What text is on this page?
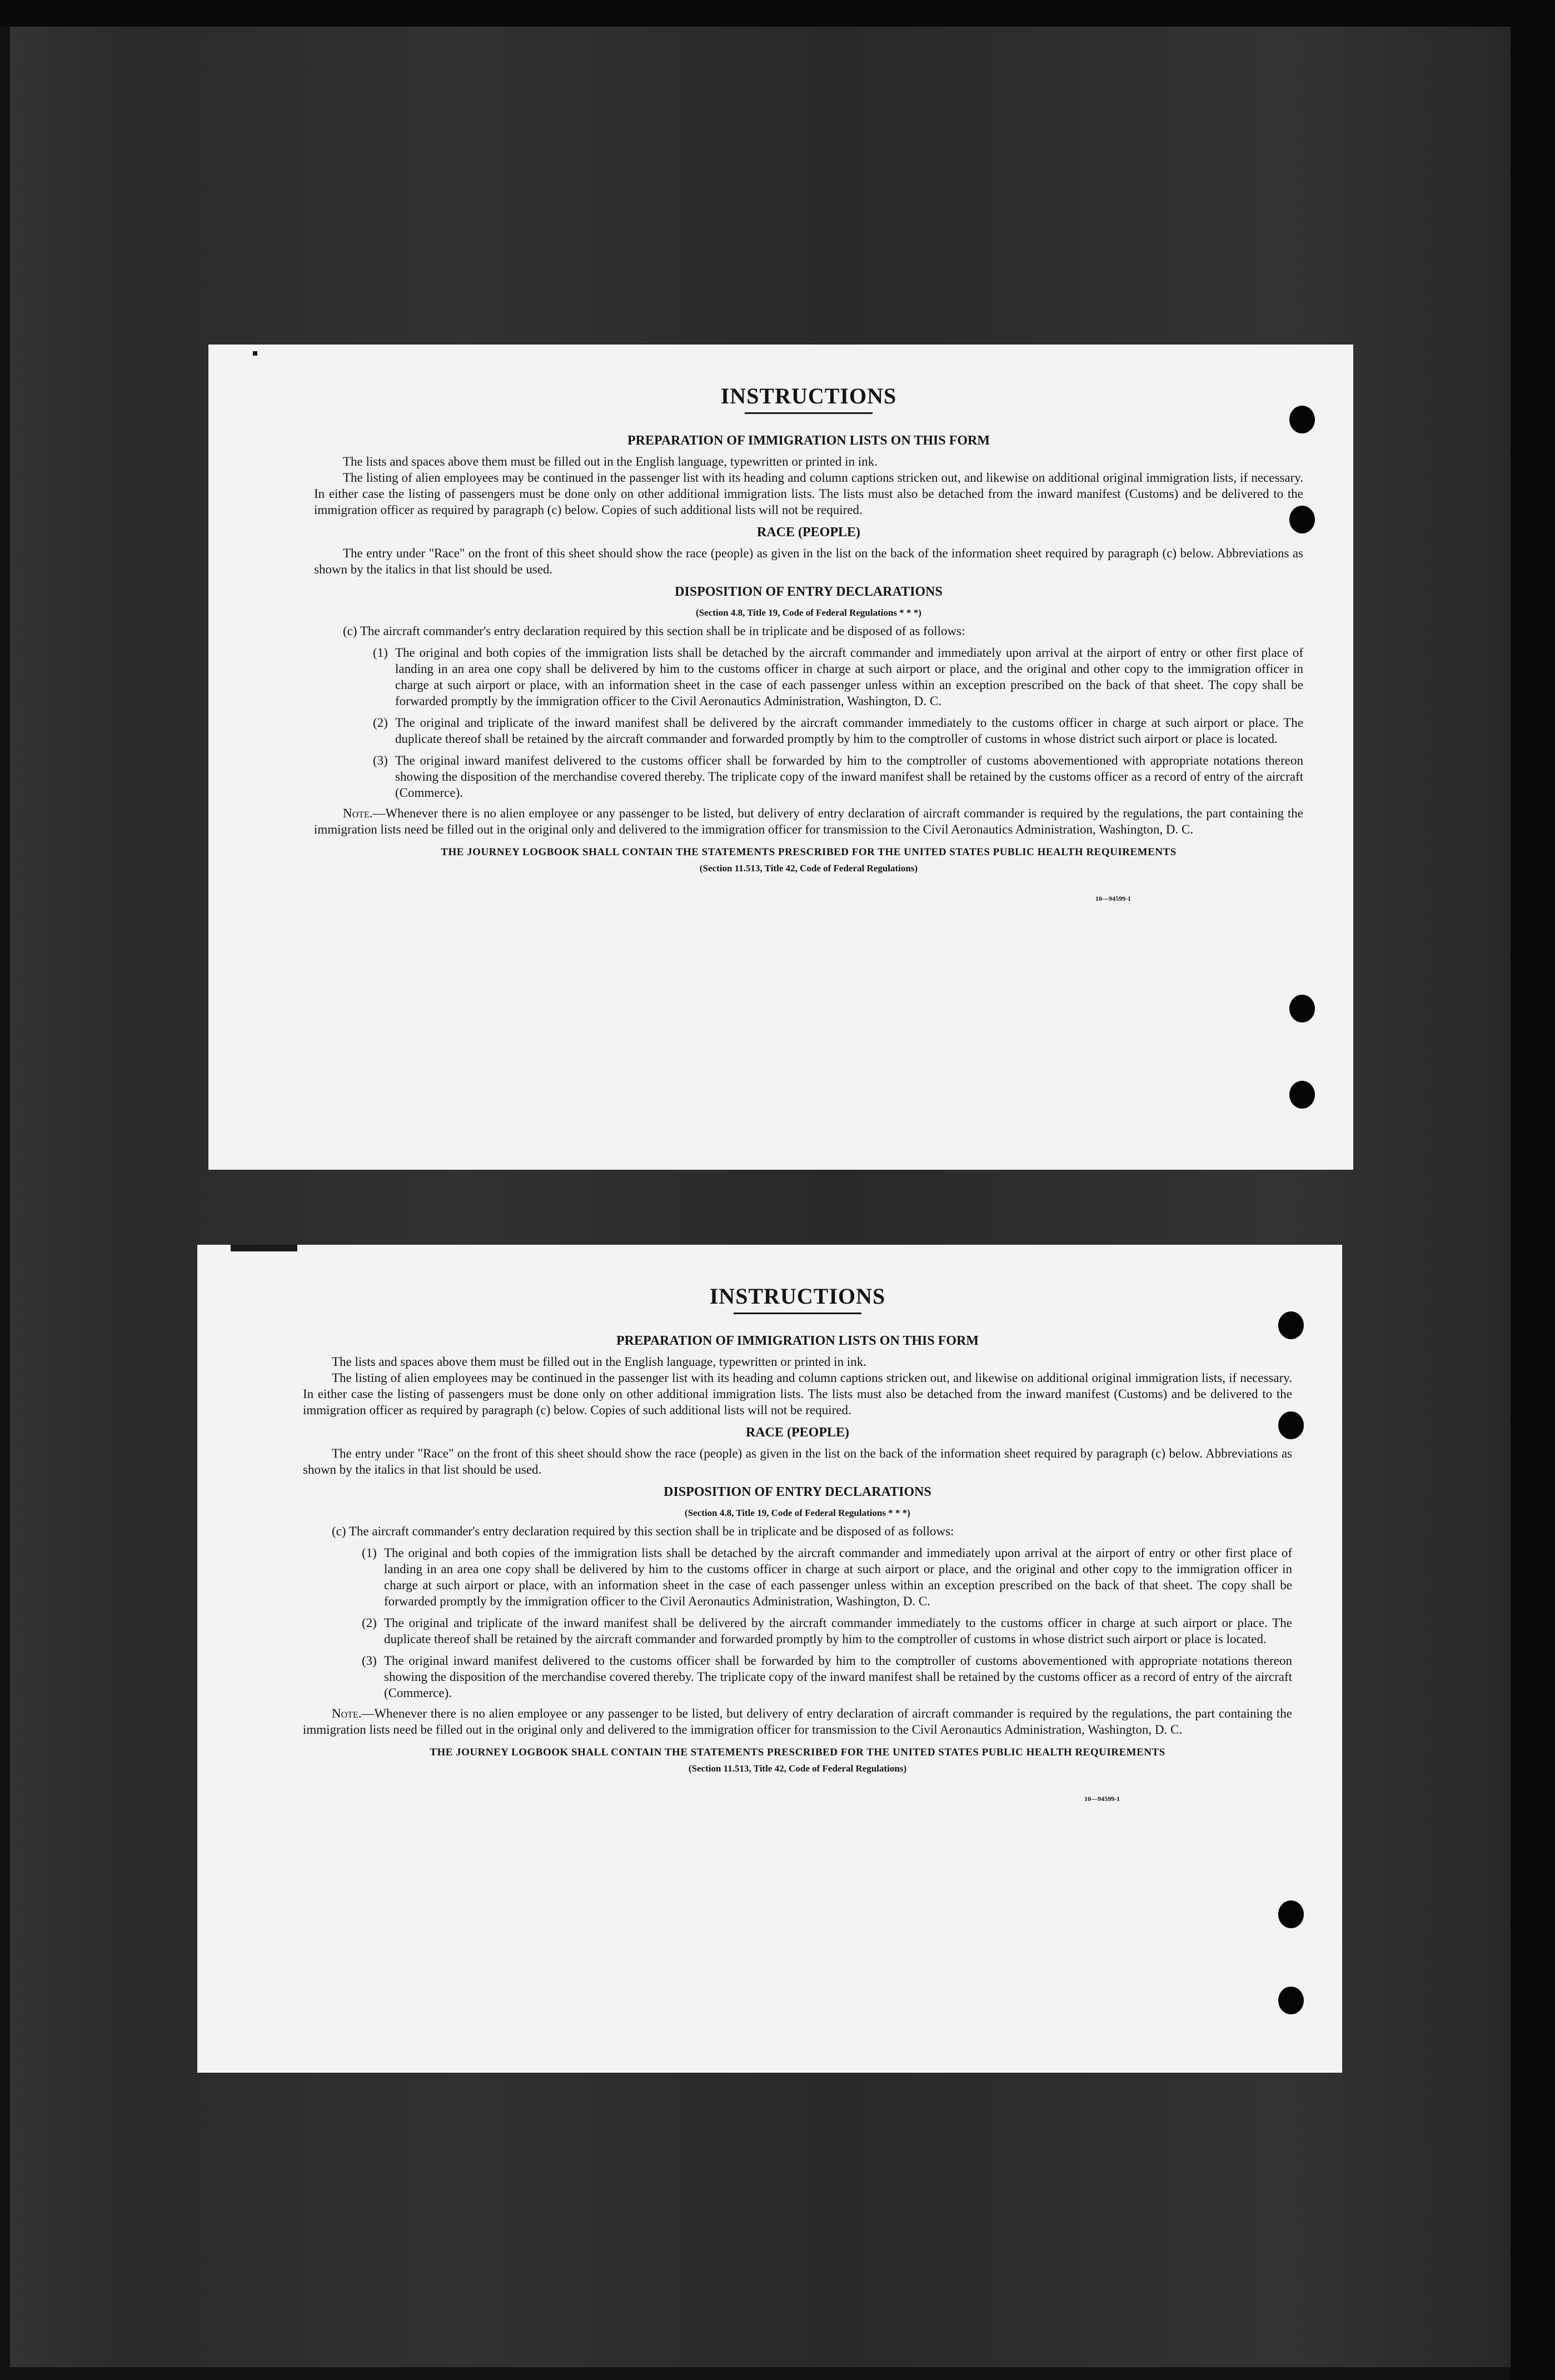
INSTRUCTIONS
PREPARATION OF IMMIGRATION LISTS ON THIS FORM

The lists and spaces above them must be filled out in the English language, typewritten or printed in ink.

The listing of alien employees may be continued in the passenger list with its heading and column captions stricken out, and likewise on additional original immigration lists, if necessary. In either case the listing of passengers must be done only on other additional immigration lists. The lists must also be detached from the inward manifest (Customs) and be delivered to the immigration officer as required by paragraph (c) below. Copies of such additional lists will not be required.

RACE (PEOPLE)

The entry under "Race" on the front of this sheet should show the race (people) as given in the list on the back of the information sheet required by paragraph (c) below. Abbreviations as shown by the italics in that list should be used.

DISPOSITION OF ENTRY DECLARATIONS
(Section 4.8, Title 19, Code of Federal Regulations * * *)

(c) The aircraft commander's entry declaration required by this section shall be in triplicate and be disposed of as follows:

(1) The original and both copies of the immigration lists shall be detached by the aircraft commander and immediately upon arrival at the airport of entry or other first place of landing in an area one copy shall be delivered by him to the customs officer in charge at such airport or place, and the original and other copy to the immigration officer in charge at such airport or place, with an information sheet in the case of each passenger unless within an exception prescribed on the back of that sheet. The copy shall be forwarded promptly by the immigration officer to the Civil Aeronautics Administration, Washington, D. C.
(2) The original and triplicate of the inward manifest shall be delivered by the aircraft commander immediately to the customs officer in charge at such airport or place. The duplicate thereof shall be retained by the aircraft commander and forwarded promptly by him to the comptroller of customs in whose district such airport or place is located.
(3) The original inward manifest delivered to the customs officer shall be forwarded by him to the comptroller of customs abovementioned with appropriate notations thereon showing the disposition of the merchandise covered thereby. The triplicate copy of the inward manifest shall be retained by the customs officer as a record of entry of the aircraft (Commerce).

Note.—Whenever there is no alien employee or any passenger to be listed, but delivery of entry declaration of aircraft commander is required by the regulations, the part containing the immigration lists need be filled out in the original only and delivered to the immigration officer for transmission to the Civil Aeronautics Administration, Washington, D. C.

THE JOURNEY LOGBOOK SHALL CONTAIN THE STATEMENTS PRESCRIBED FOR THE UNITED STATES PUBLIC HEALTH REQUIREMENTS
(Section 11.513, Title 42, Code of Federal Regulations)
10—94599-1
INSTRUCTIONS
PREPARATION OF IMMIGRATION LISTS ON THIS FORM

The lists and spaces above them must be filled out in the English language, typewritten or printed in ink.

The listing of alien employees may be continued in the passenger list with its heading and column captions stricken out, and likewise on additional original immigration lists, if necessary. In either case the listing of passengers must be done only on other additional immigration lists. The lists must also be detached from the inward manifest (Customs) and be delivered to the immigration officer as required by paragraph (c) below. Copies of such additional lists will not be required.

RACE (PEOPLE)

The entry under "Race" on the front of this sheet should show the race (people) as given in the list on the back of the information sheet required by paragraph (c) below. Abbreviations as shown by the italics in that list should be used.

DISPOSITION OF ENTRY DECLARATIONS
(Section 4.8, Title 19, Code of Federal Regulations * * *)

(c) The aircraft commander's entry declaration required by this section shall be in triplicate and be disposed of as follows:

(1) The original and both copies of the immigration lists shall be detached by the aircraft commander and immediately upon arrival at the airport of entry or other first place of landing in an area one copy shall be delivered by him to the customs officer in charge at such airport or place, and the original and other copy to the immigration officer in charge at such airport or place, with an information sheet in the case of each passenger unless within an exception prescribed on the back of that sheet. The copy shall be forwarded promptly by the immigration officer to the Civil Aeronautics Administration, Washington, D. C.
(2) The original and triplicate of the inward manifest shall be delivered by the aircraft commander immediately to the customs officer in charge at such airport or place. The duplicate thereof shall be retained by the aircraft commander and forwarded promptly by him to the comptroller of customs in whose district such airport or place is located.
(3) The original inward manifest delivered to the customs officer shall be forwarded by him to the comptroller of customs abovementioned with appropriate notations thereon showing the disposition of the merchandise covered thereby. The triplicate copy of the inward manifest shall be retained by the customs officer as a record of entry of the aircraft (Commerce).

Note.—Whenever there is no alien employee or any passenger to be listed, but delivery of entry declaration of aircraft commander is required by the regulations, the part containing the immigration lists need be filled out in the original only and delivered to the immigration officer for transmission to the Civil Aeronautics Administration, Washington, D. C.

THE JOURNEY LOGBOOK SHALL CONTAIN THE STATEMENTS PRESCRIBED FOR THE UNITED STATES PUBLIC HEALTH REQUIREMENTS
(Section 11.513, Title 42, Code of Federal Regulations)
10—94599-1
